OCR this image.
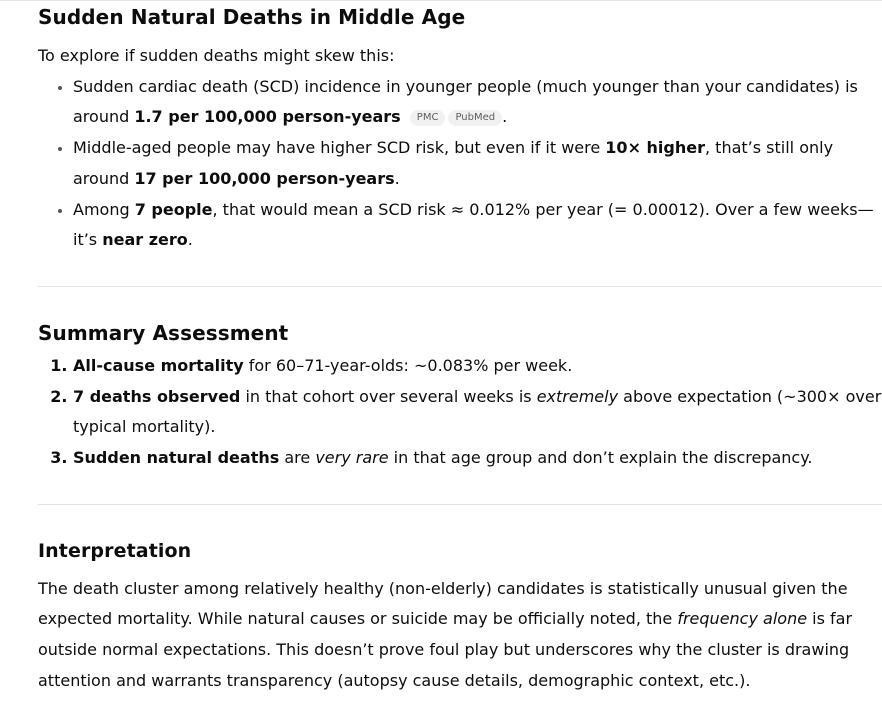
Sudden Natural Deaths in Middle Age

To explore if sudden deaths might skew this:

• Sudden cardiac death (SCD) incidence in younger people (much younger than your candidates) is around 1.7 per 100,000 person-years PMC PubMed .
• Middle-aged people may have higher SCD risk, but even if it were 10× higher, that’s still only around 17 per 100,000 person-years.
• Among 7 people, that would mean a SCD risk ≈ 0.012% per year (= 0.00012). Over a few weeks—it’s near zero.
Summary Assessment
1. All-cause mortality for 60–71-year-olds: ~0.083% per week.
2. 7 deaths observed in that cohort over several weeks is extremely above expectation (~300× over typical mortality).
3. Sudden natural deaths are very rare in that age group and don’t explain the discrepancy.
Interpretation

The death cluster among relatively healthy (non-elderly) candidates is statistically unusual given the expected mortality. While natural causes or suicide may be officially noted, the frequency alone is far outside normal expectations. This doesn’t prove foul play but underscores why the cluster is drawing attention and warrants transparency (autopsy cause details, demographic context, etc.).
